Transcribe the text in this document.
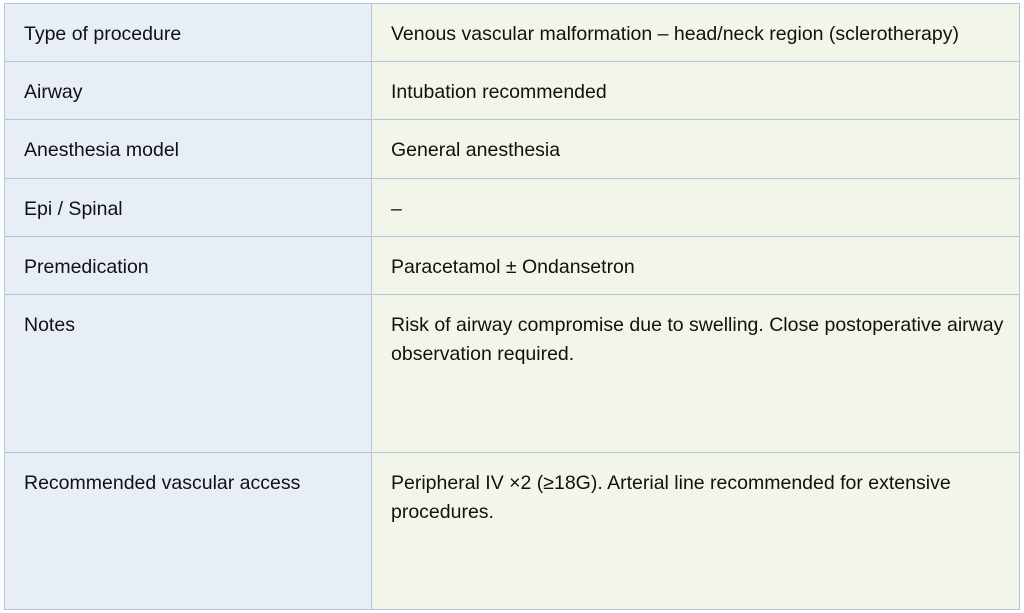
Type of procedure	Venous vascular malformation – head/neck region (sclerotherapy)

Airway	Intubation recommended

Anesthesia model	General anesthesia

Epi / Spinal	–

Premedication	Paracetamol ± Ondansetron

Notes	Risk of airway compromise due to swelling. Close postoperative airway observation required.

Recommended vascular access	Peripheral IV ×2 (≥18G). Arterial line recommended for extensive procedures.
